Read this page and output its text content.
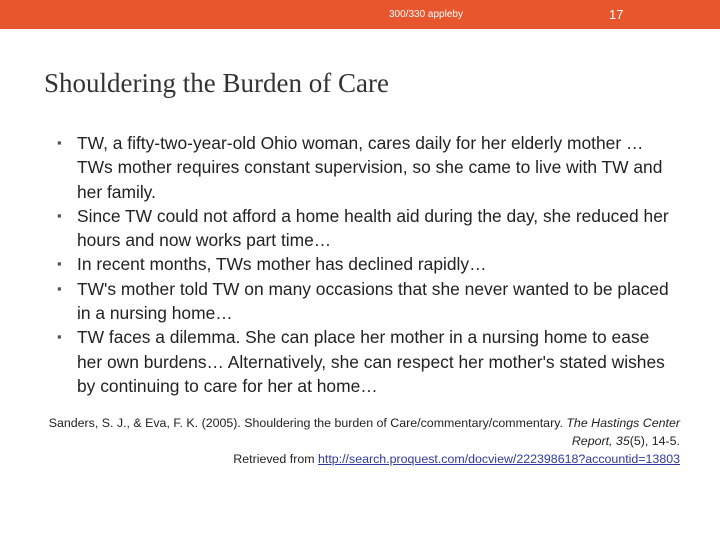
300/330 appleby	17
Shouldering the Burden of Care
▪ TW, a fifty-two-year-old Ohio woman, cares daily for her elderly mother … TWs mother requires constant supervision, so she came to live with TW and her family.
▪ Since TW could not afford a home health aid during the day, she reduced her hours and now works part time…
▪ In recent months, TWs mother has declined rapidly…
▪ TW's mother told TW on many occasions that she never wanted to be placed in a nursing home…
▪ TW faces a dilemma. She can place her mother in a nursing home to ease her own burdens… Alternatively, she can respect her mother's stated wishes by continuing to care for her at home…
Sanders, S. J., & Eva, F. K. (2005). Shouldering the burden of Care/commentary/commentary. The Hastings Center Report, 35(5), 14-5.
Retrieved from http://search.proquest.com/docview/222398618?accountid=13803
